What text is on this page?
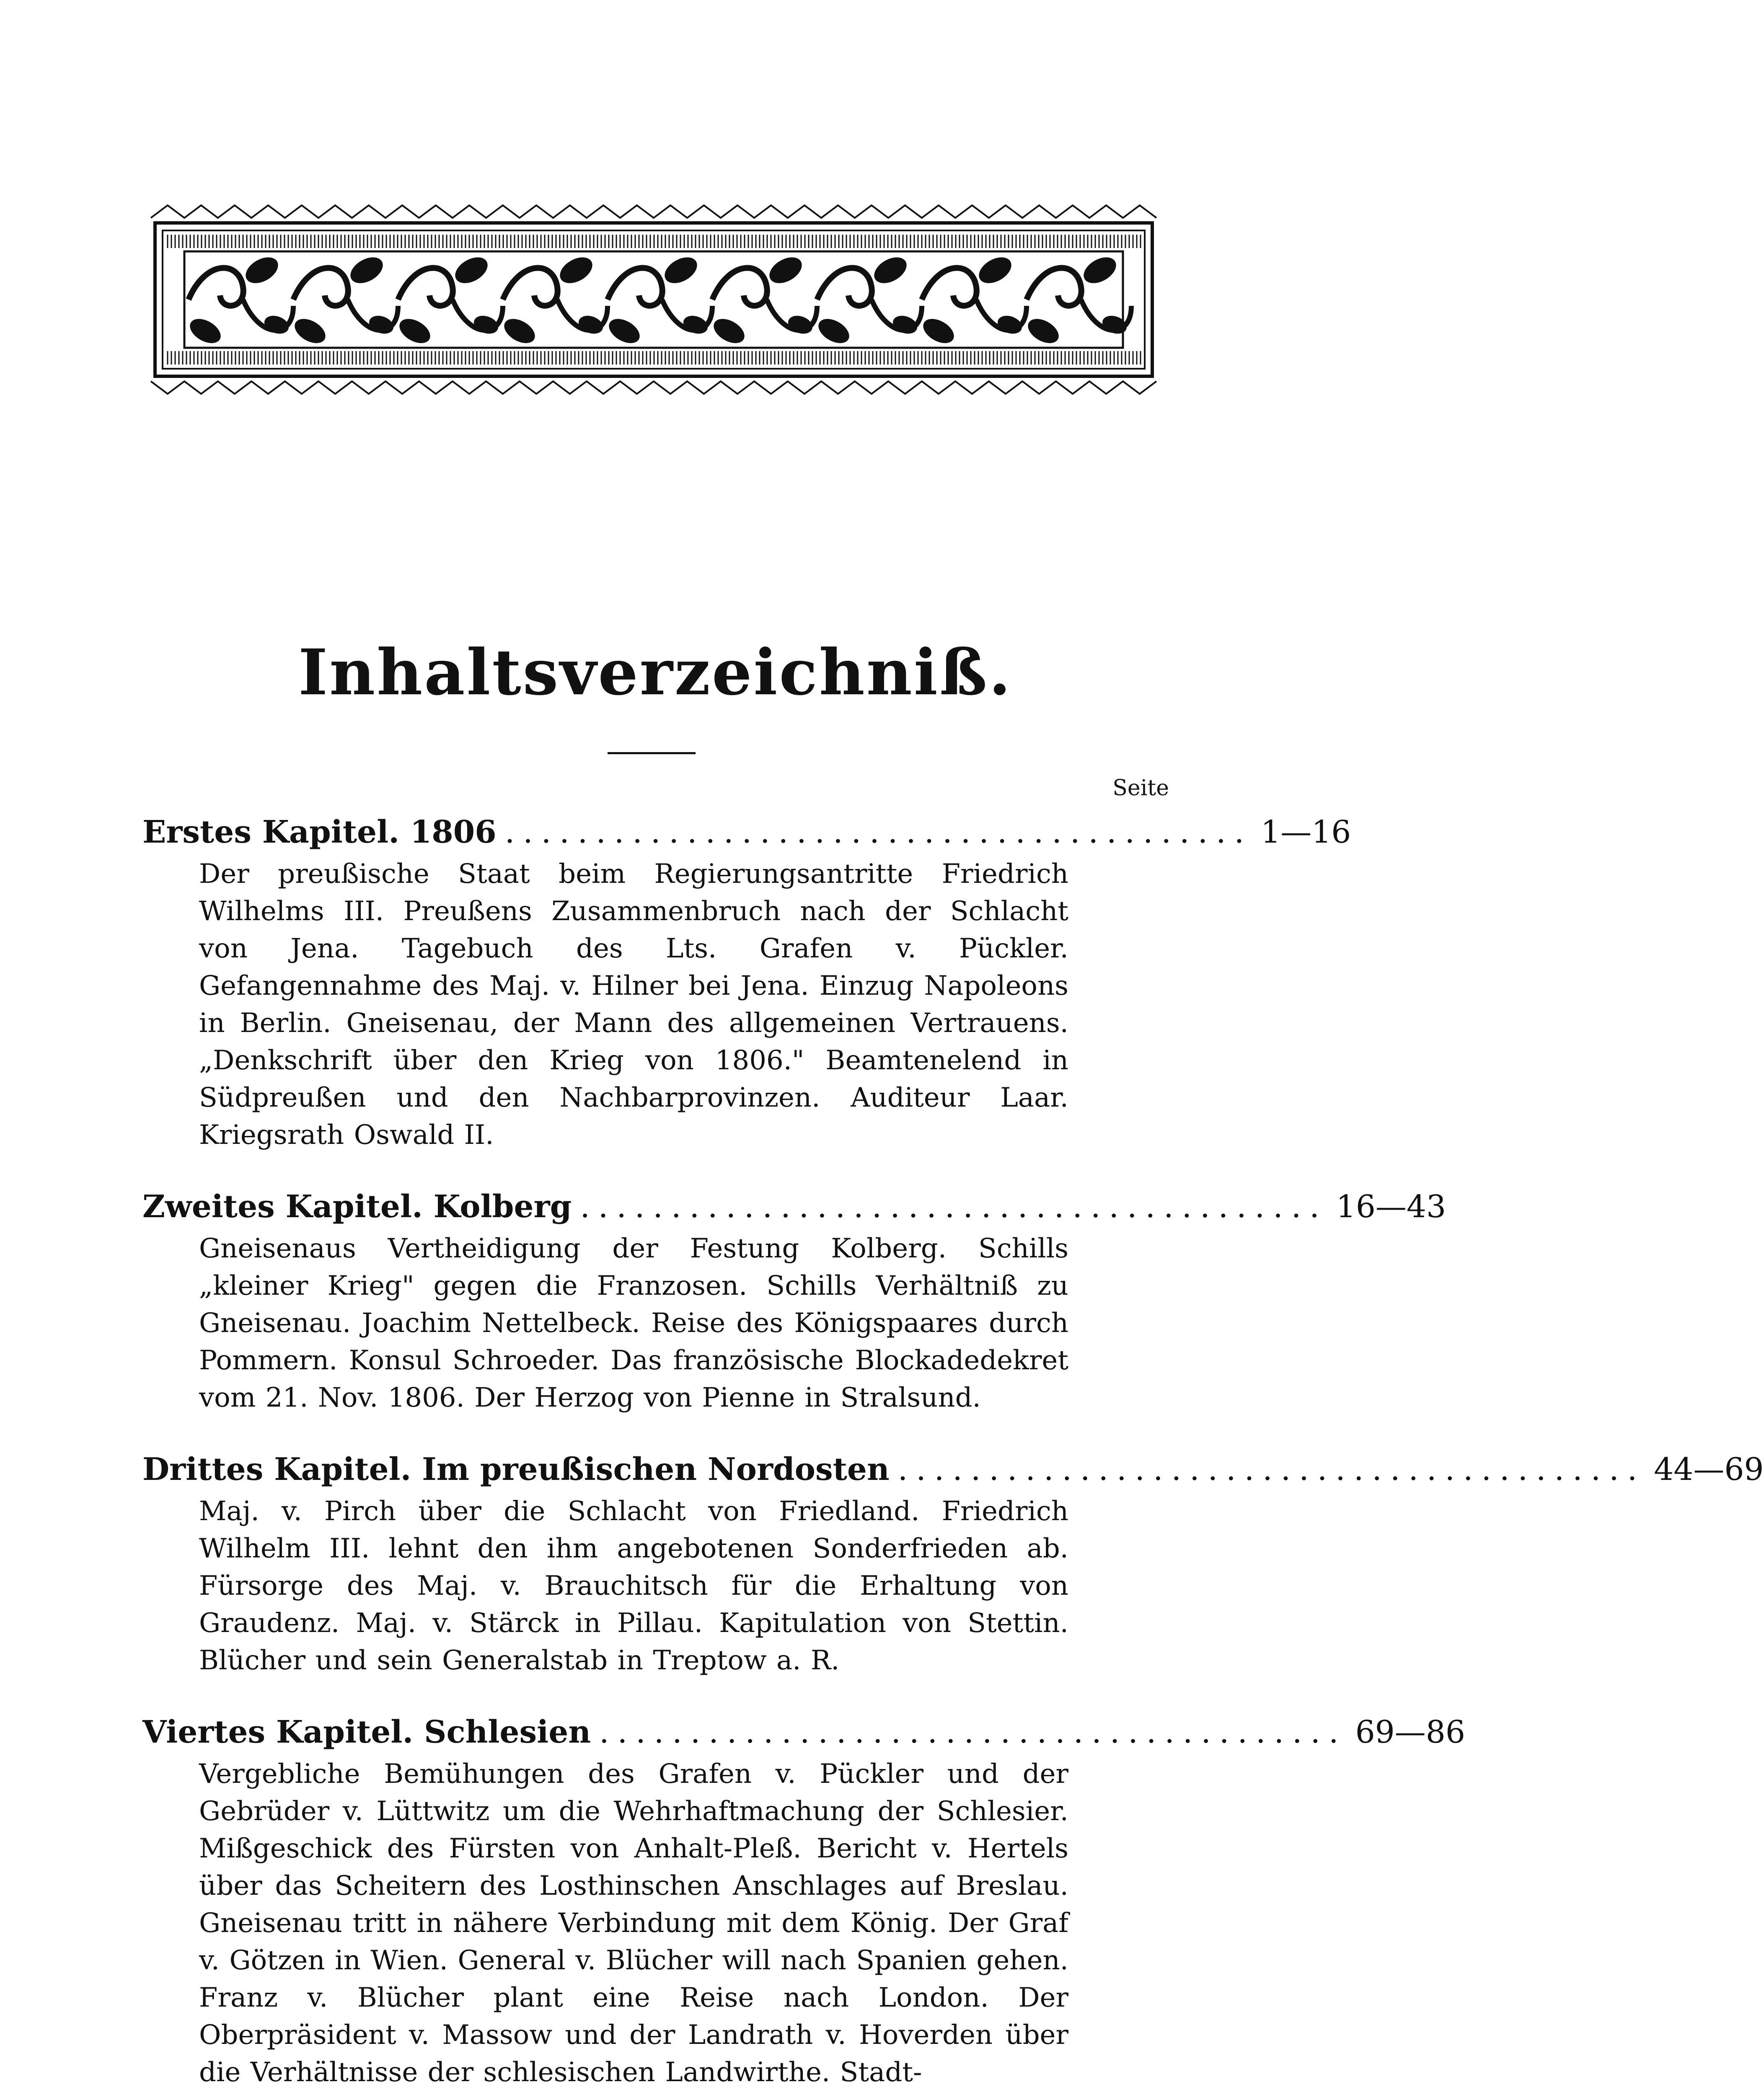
Inhaltsverzeichniß.
Seite
Erstes Kapitel. 1806 ......................................... 1—16
Der preußische Staat beim Regierungsantritte Friedrich Wilhelms III. Preußens Zusammenbruch nach der Schlacht von Jena. Tagebuch des Lts. Grafen v. Pückler. Gefangennahme des Maj. v. Hilner bei Jena. Einzug Napoleons in Berlin. Gneisenau, der Mann des allgemeinen Vertrauens. „Denkschrift über den Krieg von 1806." Beamtenelend in Südpreußen und den Nachbarprovinzen. Auditeur Laar. Kriegsrath Oswald II.
Zweites Kapitel. Kolberg ......................................... 16—43
Gneisenaus Vertheidigung der Festung Kolberg. Schills „kleiner Krieg" gegen die Franzosen. Schills Verhältniß zu Gneisenau. Joachim Nettelbeck. Reise des Königspaares durch Pommern. Konsul Schroeder. Das französische Blockadedekret vom 21. Nov. 1806. Der Herzog von Pienne in Stralsund.
Drittes Kapitel. Im preußischen Nordosten ......................................... 44—69
Maj. v. Pirch über die Schlacht von Friedland. Friedrich Wilhelm III. lehnt den ihm angebotenen Sonderfrieden ab. Fürsorge des Maj. v. Brauchitsch für die Erhaltung von Graudenz. Maj. v. Stärck in Pillau. Kapitulation von Stettin. Blücher und sein Generalstab in Treptow a. R.
Viertes Kapitel. Schlesien ......................................... 69—86
Vergebliche Bemühungen des Grafen v. Pückler und der Gebrüder v. Lüttwitz um die Wehrhaftmachung der Schlesier. Mißgeschick des Fürsten von Anhalt-Pleß. Bericht v. Hertels über das Scheitern des Losthinschen Anschlages auf Breslau. Gneisenau tritt in nähere Verbindung mit dem König. Der Graf v. Götzen in Wien. General v. Blücher will nach Spanien gehen. Franz v. Blücher plant eine Reise nach London. Der Oberpräsident v. Massow und der Landrath v. Hoverden über die Verhältnisse der schlesischen Landwirthe. Stadt-
